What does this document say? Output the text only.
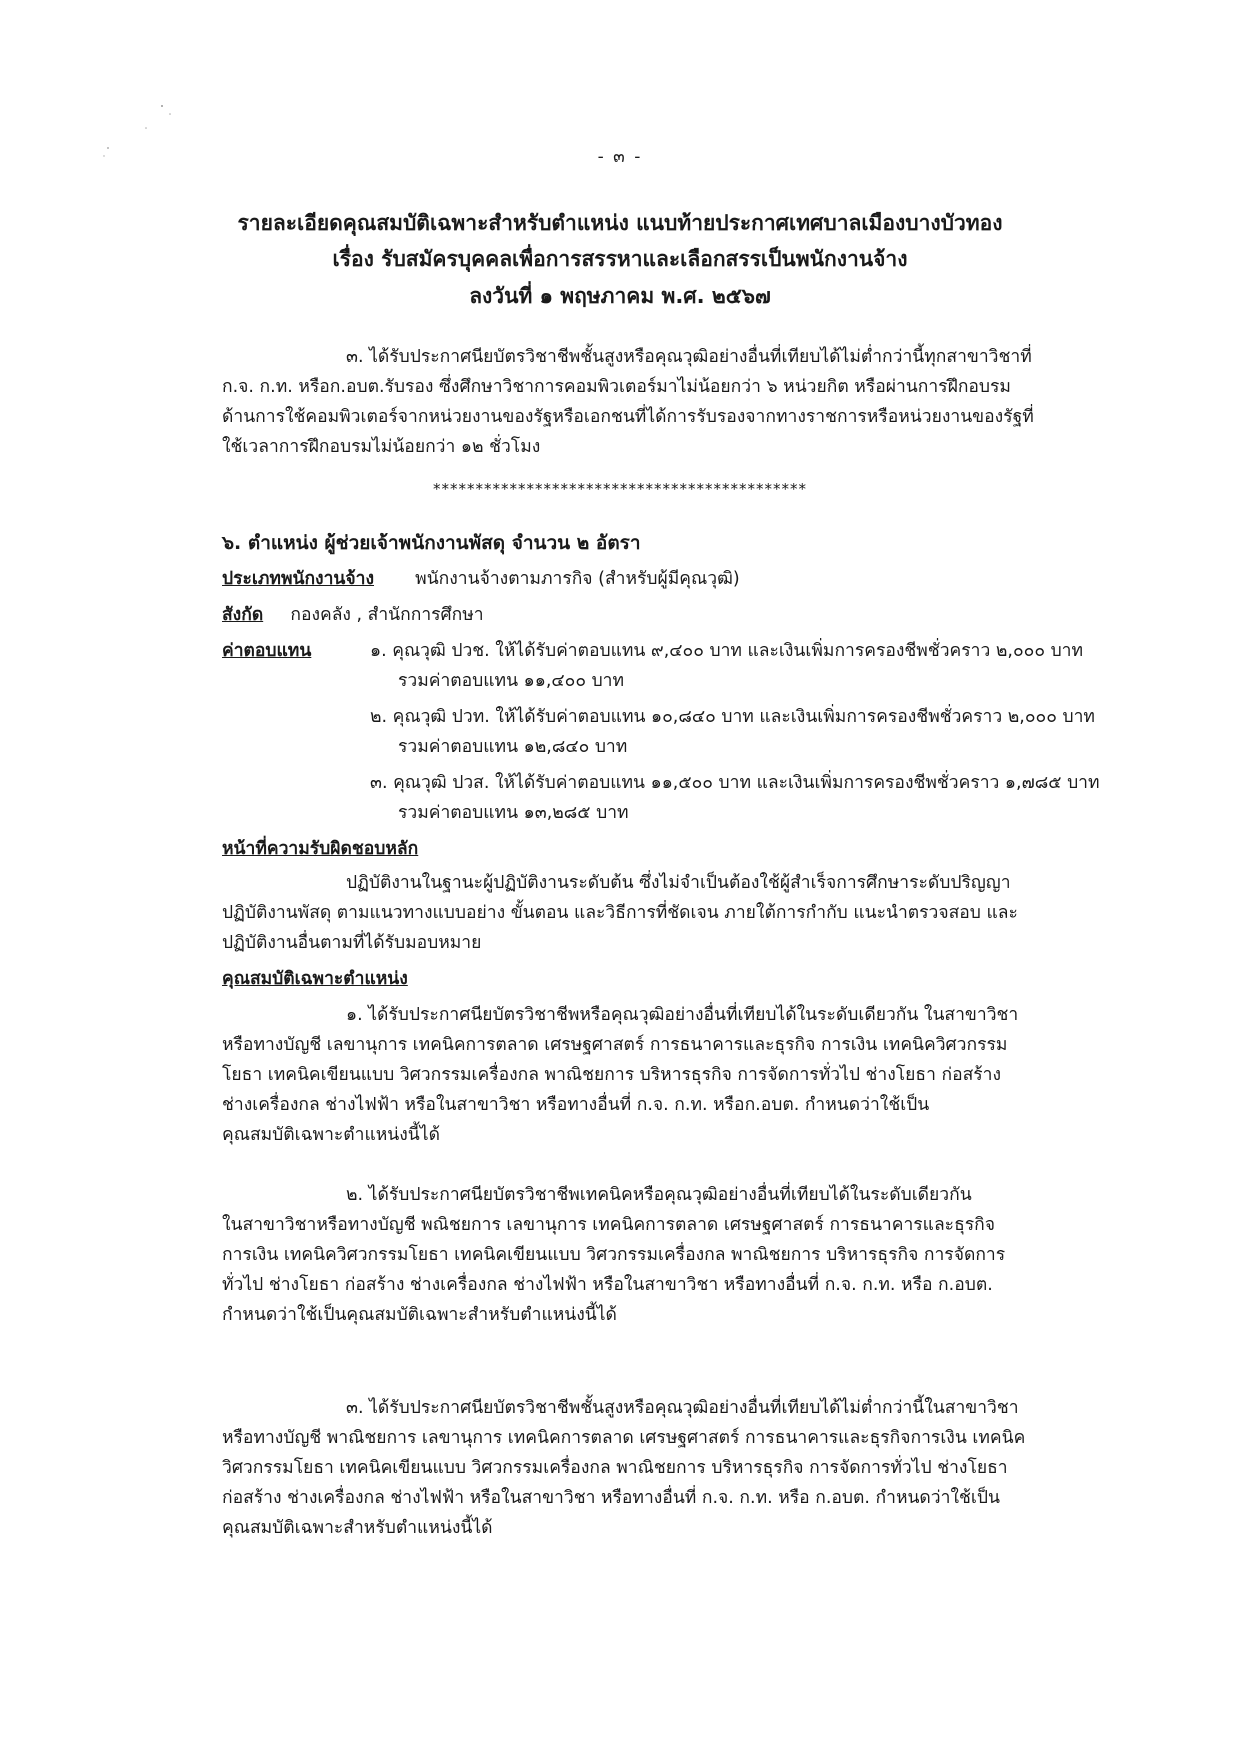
- ๓ -
รายละเอียดคุณสมบัติเฉพาะสำหรับตำแหน่ง แนบท้ายประกาศเทศบาลเมืองบางบัวทอง
เรื่อง รับสมัครบุคคลเพื่อการสรรหาและเลือกสรรเป็นพนักงานจ้าง
ลงวันที่ ๑ พฤษภาคม พ.ศ. ๒๕๖๗
๓. ได้รับประกาศนียบัตรวิชาชีพชั้นสูงหรือคุณวุฒิอย่างอื่นที่เทียบได้ไม่ต่ำกว่านี้ทุกสาขาวิชาที่
ก.จ. ก.ท. หรือก.อบต.รับรอง ซึ่งศึกษาวิชาการคอมพิวเตอร์มาไม่น้อยกว่า ๖ หน่วยกิต หรือผ่านการฝึกอบรม
ด้านการใช้คอมพิวเตอร์จากหน่วยงานของรัฐหรือเอกชนที่ได้การรับรองจากทางราชการหรือหน่วยงานของรัฐที่
ใช้เวลาการฝึกอบรมไม่น้อยกว่า ๑๒ ชั่วโมง
********************************************
๖. ตำแหน่ง ผู้ช่วยเจ้าพนักงานพัสดุ จำนวน ๒ อัตรา
ประเภทพนักงานจ้าง พนักงานจ้างตามภารกิจ (สำหรับผู้มีคุณวุฒิ)
สังกัด กองคลัง , สำนักการศึกษา
ค่าตอบแทน	๑. คุณวุฒิ ปวช. ให้ได้รับค่าตอบแทน ๙,๔๐๐ บาท และเงินเพิ่มการครองชีพชั่วคราว ๒,๐๐๐ บาท
รวมค่าตอบแทน ๑๑,๔๐๐ บาท
๒. คุณวุฒิ ปวท. ให้ได้รับค่าตอบแทน ๑๐,๘๔๐ บาท และเงินเพิ่มการครองชีพชั่วคราว ๒,๐๐๐ บาท
รวมค่าตอบแทน ๑๒,๘๔๐ บาท
๓. คุณวุฒิ ปวส. ให้ได้รับค่าตอบแทน ๑๑,๕๐๐ บาท และเงินเพิ่มการครองชีพชั่วคราว ๑,๗๘๕ บาท
รวมค่าตอบแทน ๑๓,๒๘๕ บาท
หน้าที่ความรับผิดชอบหลัก
ปฏิบัติงานในฐานะผู้ปฏิบัติงานระดับต้น ซึ่งไม่จำเป็นต้องใช้ผู้สำเร็จการศึกษาระดับปริญญา
ปฏิบัติงานพัสดุ ตามแนวทางแบบอย่าง ขั้นตอน และวิธีการที่ชัดเจน ภายใต้การกำกับ แนะนำตรวจสอบ และ
ปฏิบัติงานอื่นตามที่ได้รับมอบหมาย
คุณสมบัติเฉพาะตำแหน่ง
๑. ได้รับประกาศนียบัตรวิชาชีพหรือคุณวุฒิอย่างอื่นที่เทียบได้ในระดับเดียวกัน ในสาขาวิชา
หรือทางบัญชี เลขานุการ เทคนิคการตลาด เศรษฐศาสตร์ การธนาคารและธุรกิจ การเงิน เทคนิควิศวกรรม
โยธา เทคนิคเขียนแบบ วิศวกรรมเครื่องกล พาณิชยการ บริหารธุรกิจ การจัดการทั่วไป ช่างโยธา ก่อสร้าง
ช่างเครื่องกล ช่างไฟฟ้า หรือในสาขาวิชา หรือทางอื่นที่ ก.จ. ก.ท. หรือก.อบต. กำหนดว่าใช้เป็น
คุณสมบัติเฉพาะตำแหน่งนี้ได้
๒. ได้รับประกาศนียบัตรวิชาชีพเทคนิคหรือคุณวุฒิอย่างอื่นที่เทียบได้ในระดับเดียวกัน
ในสาขาวิชาหรือทางบัญชี พณิชยการ เลขานุการ เทคนิคการตลาด เศรษฐศาสตร์ การธนาคารและธุรกิจ
การเงิน เทคนิควิศวกรรมโยธา เทคนิคเขียนแบบ วิศวกรรมเครื่องกล พาณิชยการ บริหารธุรกิจ การจัดการ
ทั่วไป ช่างโยธา ก่อสร้าง ช่างเครื่องกล ช่างไฟฟ้า หรือในสาขาวิชา หรือทางอื่นที่ ก.จ. ก.ท. หรือ ก.อบต.
กำหนดว่าใช้เป็นคุณสมบัติเฉพาะสำหรับตำแหน่งนี้ได้
๓. ได้รับประกาศนียบัตรวิชาชีพชั้นสูงหรือคุณวุฒิอย่างอื่นที่เทียบได้ไม่ต่ำกว่านี้ในสาขาวิชา
หรือทางบัญชี พาณิชยการ เลขานุการ เทคนิคการตลาด เศรษฐศาสตร์ การธนาคารและธุรกิจการเงิน เทคนิค
วิศวกรรมโยธา เทคนิคเขียนแบบ วิศวกรรมเครื่องกล พาณิชยการ บริหารธุรกิจ การจัดการทั่วไป ช่างโยธา
ก่อสร้าง ช่างเครื่องกล ช่างไฟฟ้า หรือในสาขาวิชา หรือทางอื่นที่ ก.จ. ก.ท. หรือ ก.อบต. กำหนดว่าใช้เป็น
คุณสมบัติเฉพาะสำหรับตำแหน่งนี้ได้
